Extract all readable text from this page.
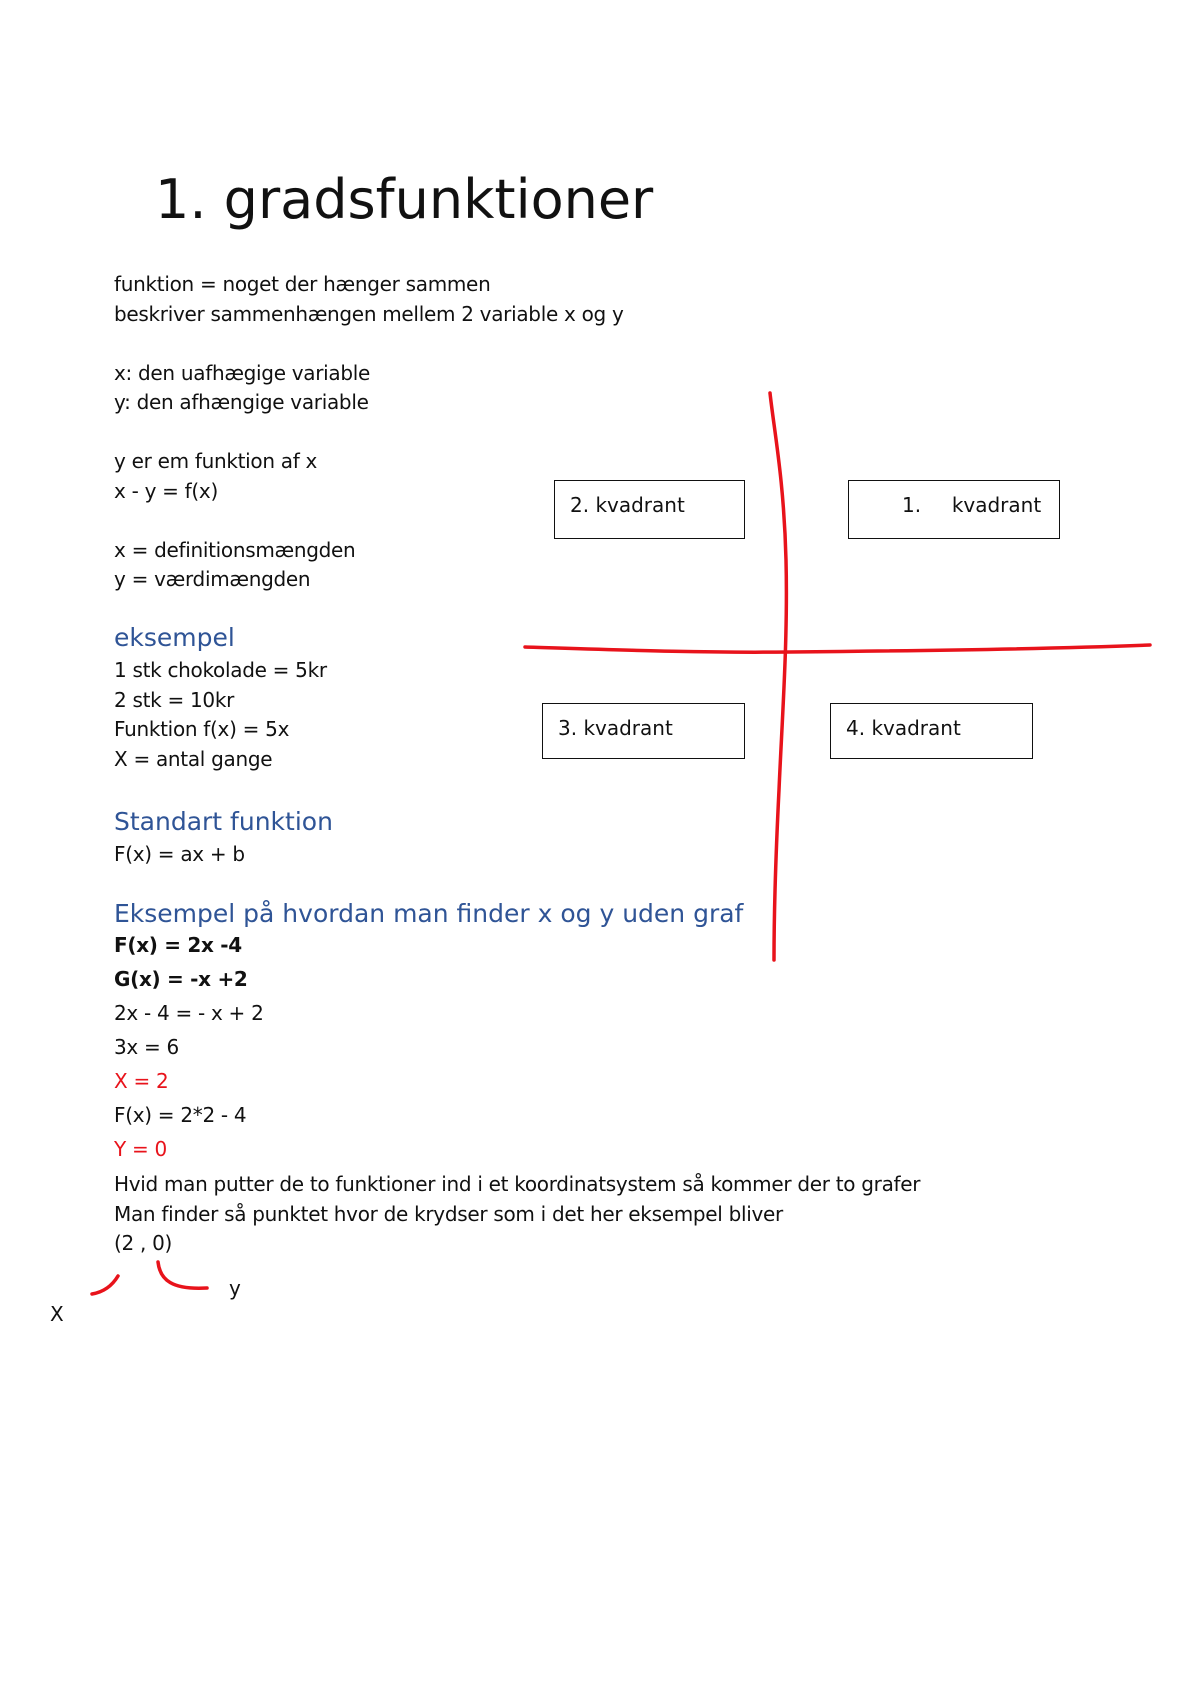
1. gradsfunktioner
funktion = noget der hænger sammen
beskriver sammenhængen mellem 2 variable x og y
x: den uafhægige variable
y: den afhængige variable
y er em funktion af x
x - y = f(x)
x = definitionsmængden
y = værdimængden
eksempel
1 stk chokolade = 5kr
2 stk = 10kr
Funktion f(x) = 5x
X = antal gange
Standart funktion
F(x) = ax + b
Eksempel på hvordan man finder x og y uden graf
F(x) = 2x -4
G(x) = -x +2
2x - 4 = - x + 2
3x = 6
X = 2
F(x) = 2*2 - 4
Y = 0
Hvid man putter de to funktioner ind i et koordinatsystem så kommer der to grafer
Man finder så punktet hvor de krydser som i det her eksempel bliver
(2 , 0)
X
y
2. kvadrant	1. kvadrant
3. kvadrant	4. kvadrant
